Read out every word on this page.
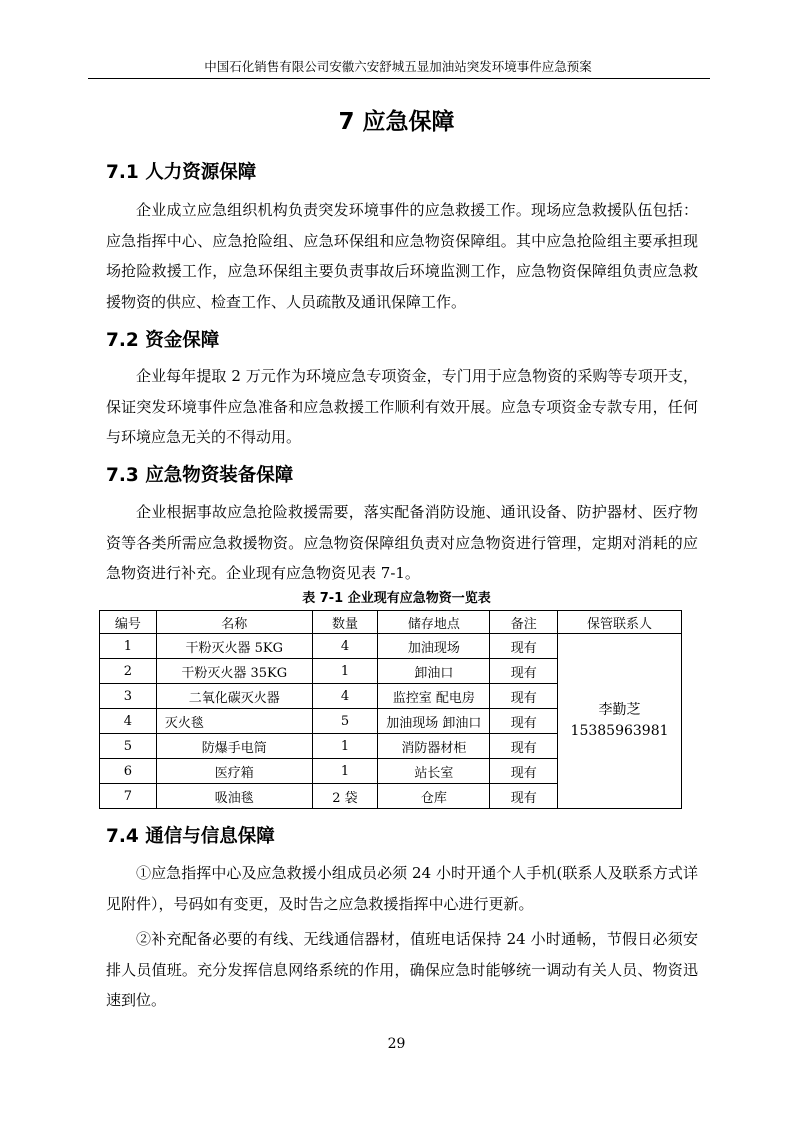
中国石化销售有限公司安徽六安舒城五显加油站突发环境事件应急预案
7 应急保障
7.1 人力资源保障

企业成立应急组织机构负责突发环境事件的应急救援工作。现场应急救援队伍包括：应急指挥中心、应急抢险组、应急环保组和应急物资保障组。其中应急抢险组主要承担现场抢险救援工作，应急环保组主要负责事故后环境监测工作，应急物资保障组负责应急救援物资的供应、检查工作、人员疏散及通讯保障工作。

7.2 资金保障

企业每年提取 2 万元作为环境应急专项资金，专门用于应急物资的采购等专项开支，保证突发环境事件应急准备和应急救援工作顺利有效开展。应急专项资金专款专用，任何与环境应急无关的不得动用。

7.3 应急物资装备保障

企业根据事故应急抢险救援需要，落实配备消防设施、通讯设备、防护器材、医疗物资等各类所需应急救援物资。应急物资保障组负责对应急物资进行管理，定期对消耗的应急物资进行补充。企业现有应急物资见表 7-1。

表 7-1 企业现有应急物资一览表
编号	名称	数量	储存地点	备注	保管联系人
1	干粉灭火器 5KG	4	加油现场	现有	李勤芝
15385963981

2	干粉灭火器 35KG	1	卸油口	现有	
3	二氧化碳灭火器	4	监控室 配电房	现有	
4	灭火毯	5	加油现场 卸油口	现有	
5	防爆手电筒	1	消防器材柜	现有	
6	医疗箱	1	站长室	现有	
7	吸油毯	2 袋	仓库	现有	
7.4 通信与信息保障

①应急指挥中心及应急救援小组成员必须 24 小时开通个人手机(联系人及联系方式详见附件），号码如有变更，及时告之应急救援指挥中心进行更新。

②补充配备必要的有线、无线通信器材，值班电话保持 24 小时通畅，节假日必须安排人员值班。充分发挥信息网络系统的作用，确保应急时能够统一调动有关人员、物资迅速到位。

29
